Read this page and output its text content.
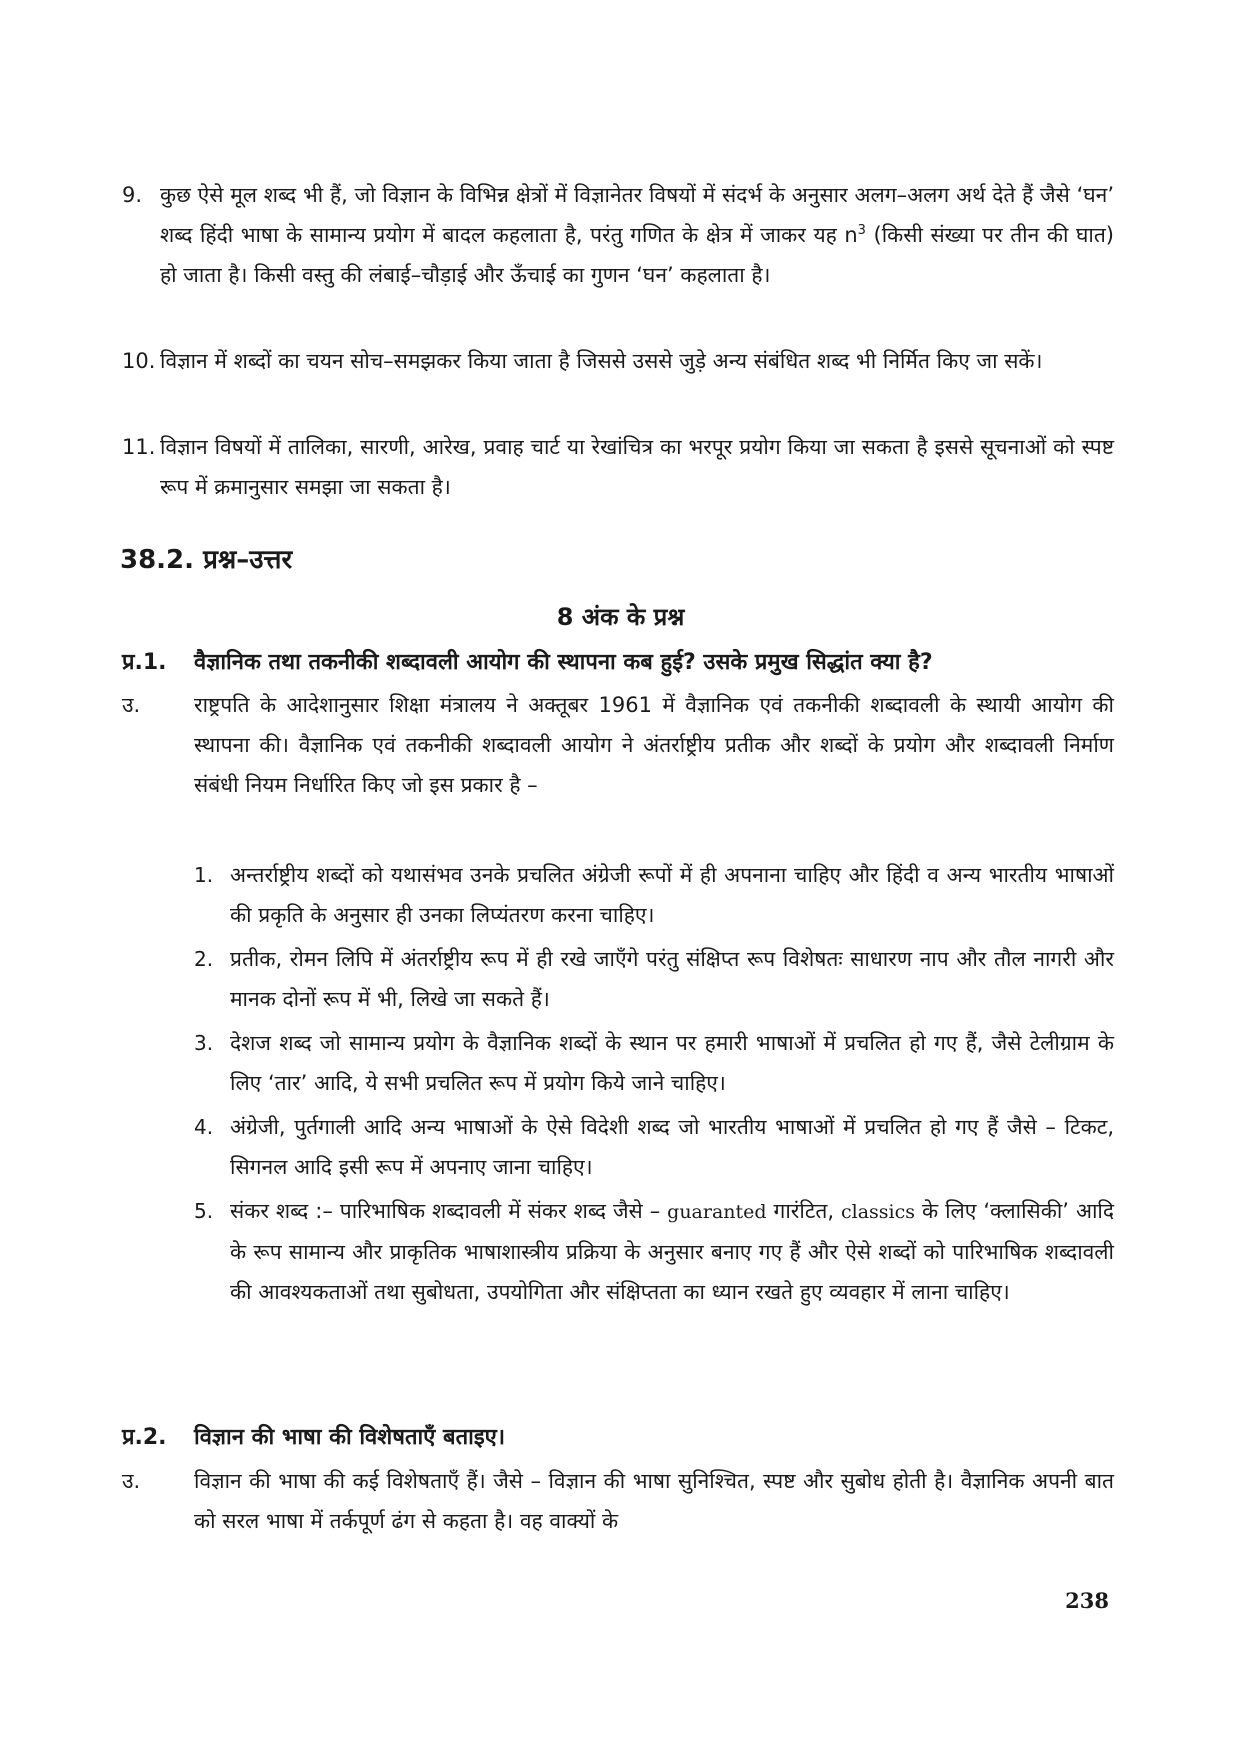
9. कुछ ऐसे मूल शब्द भी हैं, जो विज्ञान के विभिन्न क्षेत्रों में विज्ञानेतर विषयों में संदर्भ के अनुसार अलग–अलग अर्थ देते हैं जैसे ‘घन’ शब्द हिंदी भाषा के सामान्य प्रयोग में बादल कहलाता है, परंतु गणित के क्षेत्र में जाकर यह $n^3$ (किसी संख्या पर तीन की घात) हो जाता है। किसी वस्तु की लंबाई–चौड़ाई और ऊँचाई का गुणन ‘घन’ कहलाता है।
10. विज्ञान में शब्दों का चयन सोच–समझकर किया जाता है जिससे उससे जुड़े अन्य संबंधित शब्द भी निर्मित किए जा सकें।
11. विज्ञान विषयों में तालिका, सारणी, आरेख, प्रवाह चार्ट या रेखांचित्र का भरपूर प्रयोग किया जा सकता है इससे सूचनाओं को स्पष्ट रूप में क्रमानुसार समझा जा सकता है।
38.2. प्रश्न–उत्तर
8 अंक के प्रश्न
प्र.1. वैज्ञानिक तथा तकनीकी शब्दावली आयोग की स्थापना कब हुई? उसके प्रमुख सिद्धांत क्या है?
उ.	राष्ट्रपति के आदेशानुसार शिक्षा मंत्रालय ने अक्तूबर 1961 में वैज्ञानिक एवं तकनीकी शब्दावली के स्थायी आयोग की स्थापना की। वैज्ञानिक एवं तकनीकी शब्दावली आयोग ने अंतर्राष्ट्रीय प्रतीक और शब्दों के प्रयोग और शब्दावली निर्माण संबंधी नियम निर्धारित किए जो इस प्रकार है –
1. अन्तर्राष्ट्रीय शब्दों को यथासंभव उनके प्रचलित अंग्रेजी रूपों में ही अपनाना चाहिए और हिंदी व अन्य भारतीय भाषाओं की प्रकृति के अनुसार ही उनका लिप्यंतरण करना चाहिए।
2. प्रतीक, रोमन लिपि में अंतर्राष्ट्रीय रूप में ही रखे जाएँगे परंतु संक्षिप्त रूप विशेषतः साधारण नाप और तौल नागरी और मानक दोनों रूप में भी, लिखे जा सकते हैं।
3. देशज शब्द जो सामान्य प्रयोग के वैज्ञानिक शब्दों के स्थान पर हमारी भाषाओं में प्रचलित हो गए हैं, जैसे टेलीग्राम के लिए ‘तार’ आदि, ये सभी प्रचलित रूप में प्रयोग किये जाने चाहिए।
4. अंग्रेजी, पुर्तगाली आदि अन्य भाषाओं के ऐसे विदेशी शब्द जो भारतीय भाषाओं में प्रचलित हो गए हैं जैसे – टिकट, सिगनल आदि इसी रूप में अपनाए जाना चाहिए।
5. संकर शब्द :– पारिभाषिक शब्दावली में संकर शब्द जैसे – guaranted गारंटित, classics के लिए ‘क्लासिकी’ आदि के रूप सामान्य और प्राकृतिक भाषाशास्त्रीय प्रक्रिया के अनुसार बनाए गए हैं और ऐसे शब्दों को पारिभाषिक शब्दावली की आवश्यकताओं तथा सुबोधता, उपयोगिता और संक्षिप्तता का ध्यान रखते हुए व्यवहार में लाना चाहिए।
प्र.2. विज्ञान की भाषा की विशेषताएँ बताइए।
उ.	विज्ञान की भाषा की कई विशेषताएँ हैं। जैसे – विज्ञान की भाषा सुनिश्चित, स्पष्ट और सुबोध होती है। वैज्ञानिक अपनी बात को सरल भाषा में तर्कपूर्ण ढंग से कहता है। वह वाक्यों के
238
